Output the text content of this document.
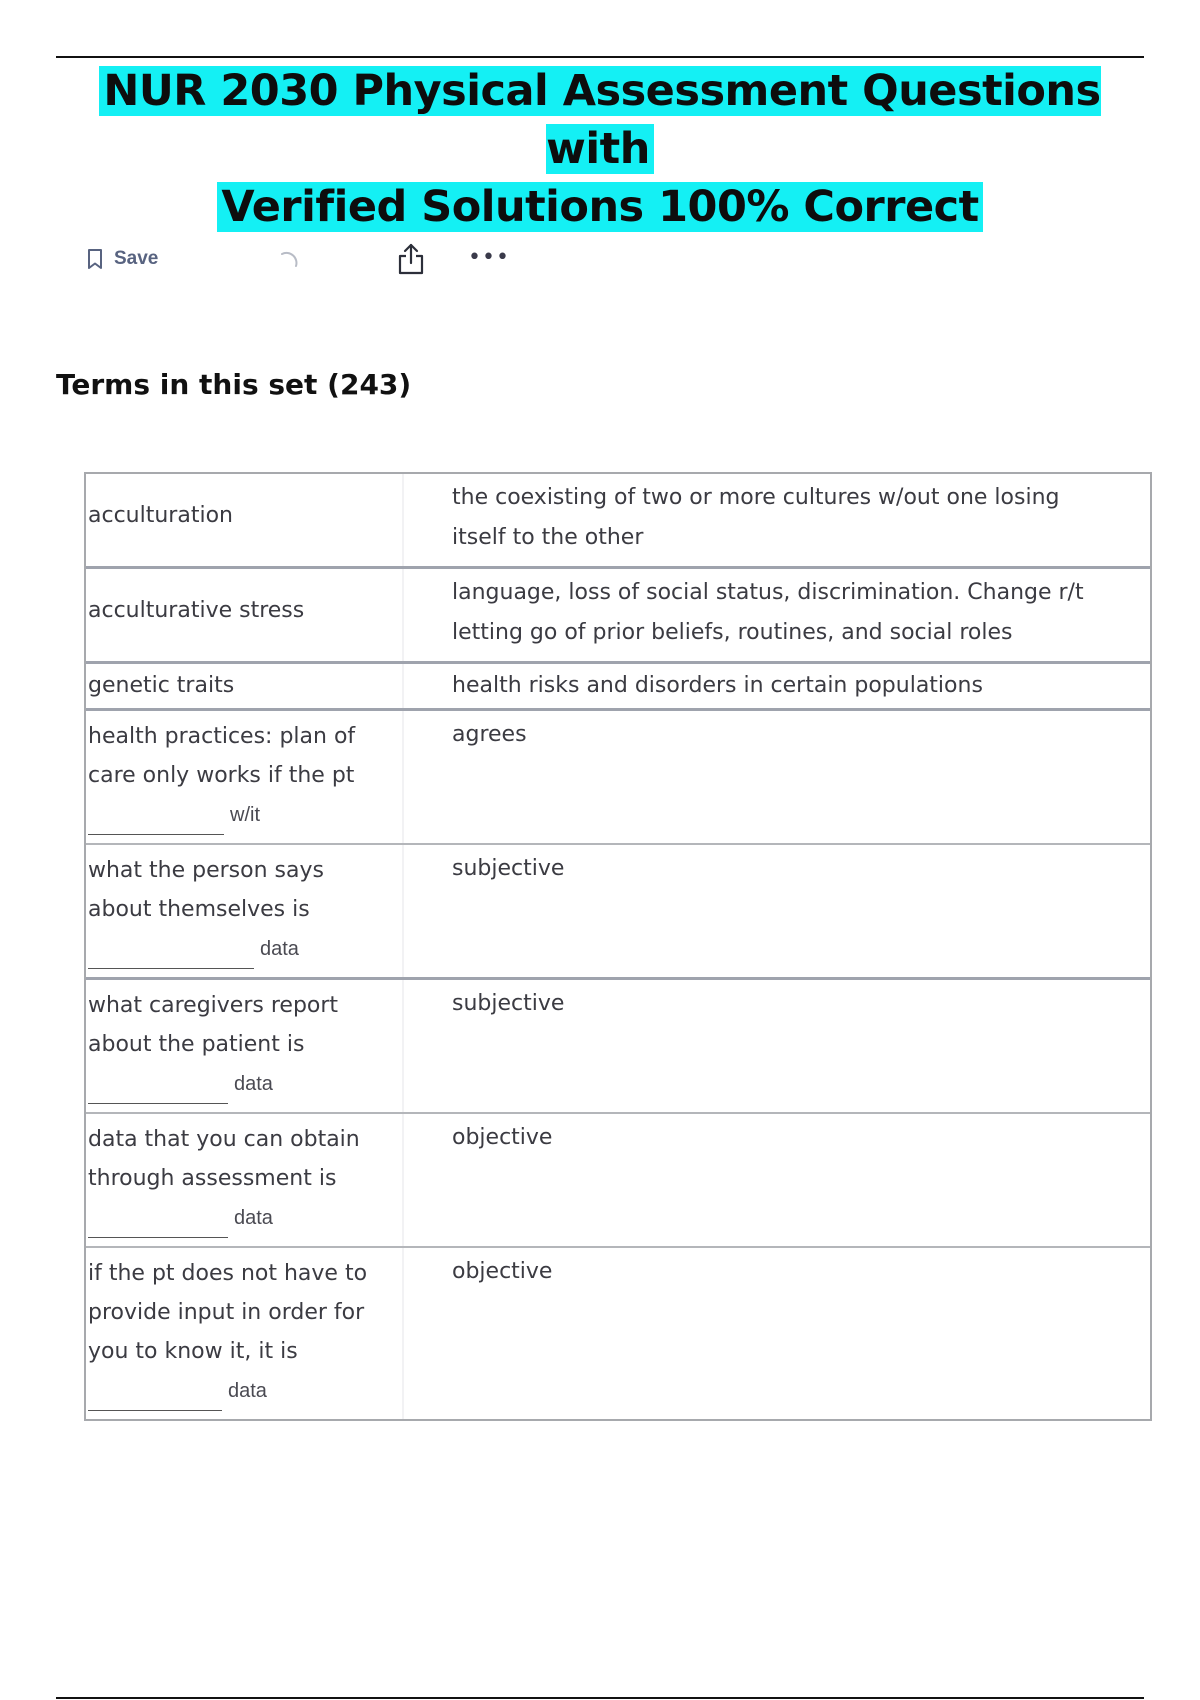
NUR 2030 Physical Assessment Questions with
Verified Solutions 100% Correct
Save	•••
Terms in this set (243)
acculturation
the coexisting of two or more cultures w/out one losing itself to the other
acculturative stress
language, loss of social status, discrimination. Change r/t letting go of prior beliefs, routines, and social roles
genetic traits	health risks and disorders in certain populations
health practices: plan of care only works if the pt
w/it
agrees
what the person says about themselves is
data
subjective
what caregivers report about the patient is
data
subjective
data that you can obtain through assessment is
data
objective
if the pt does not have to provide input in order for you to know it, it is
data
objective
